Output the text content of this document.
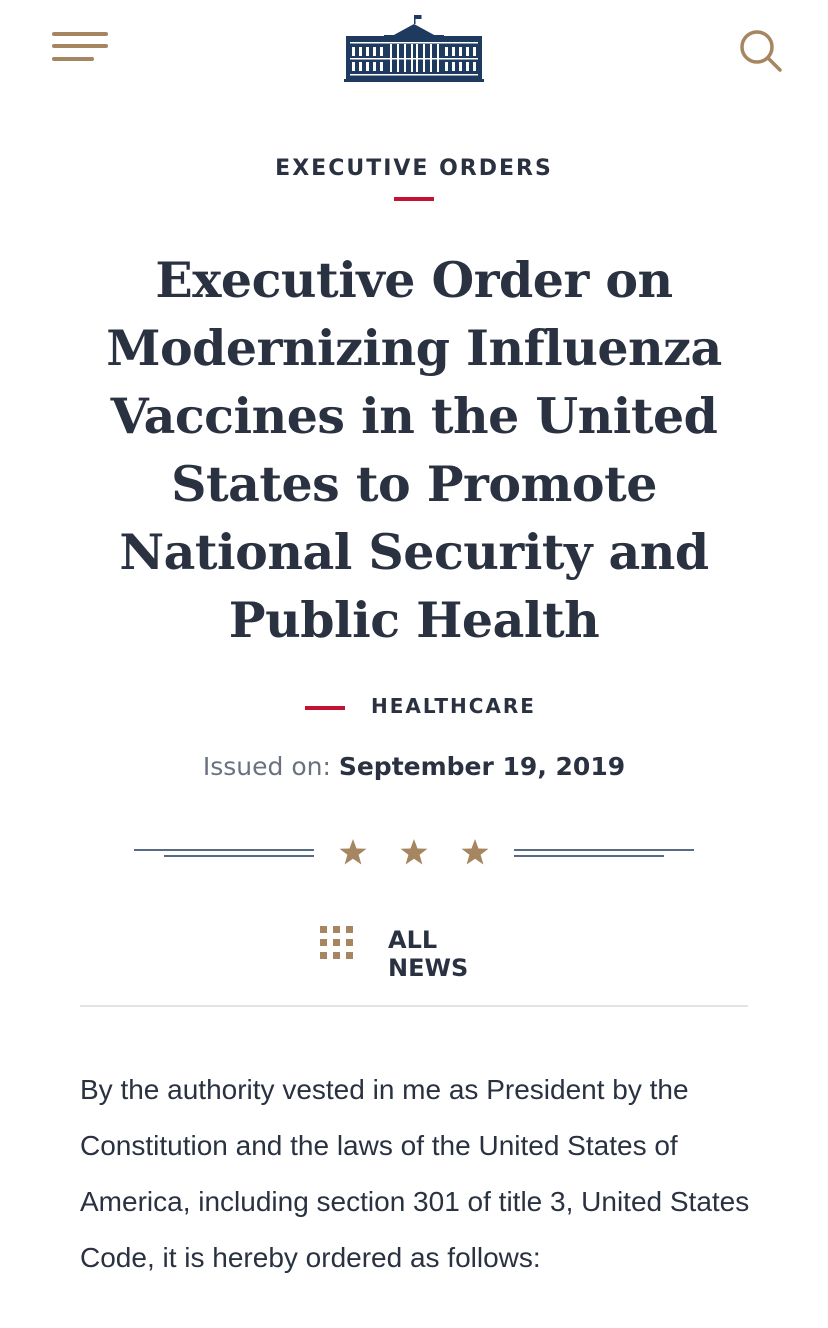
EXECUTIVE ORDERS
Executive Order on Modernizing Influenza Vaccines in the United States to Promote National Security and Public Health
HEALTHCARE
Issued on: September 19, 2019
ALL NEWS

By the authority vested in me as President by the Constitution and the laws of the United States of America, including section 301 of title 3, United States Code, it is hereby ordered as follows:
